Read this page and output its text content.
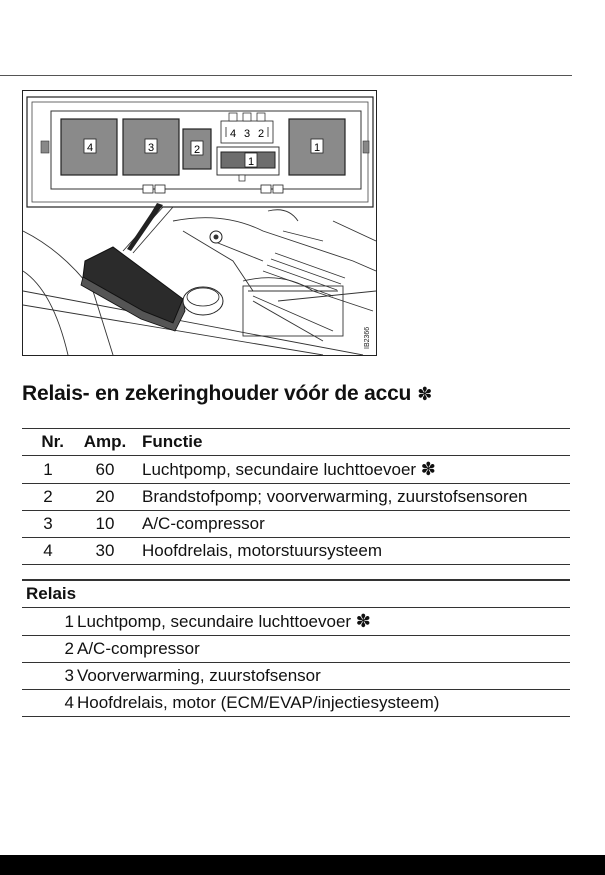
4	3	2
4 3 2
1
1
IB2366
Relais- en zekeringhouder vóór de accu ✽
Nr.	Amp.	Functie
1	60	Luchtpomp, secundaire luchttoevoer ✽
2	20	Brandstofpomp; voorverwarming, zuurstofsensoren
3	10	A/C-compressor
4	30	Hoofdrelais, motorstuursysteem

Relais	
1	Luchtpomp, secundaire luchttoevoer ✽
2	A/C-compressor
3	Voorverwarming, zuurstofsensor
4	Hoofdrelais, motor (ECM/EVAP/injectiesysteem)
